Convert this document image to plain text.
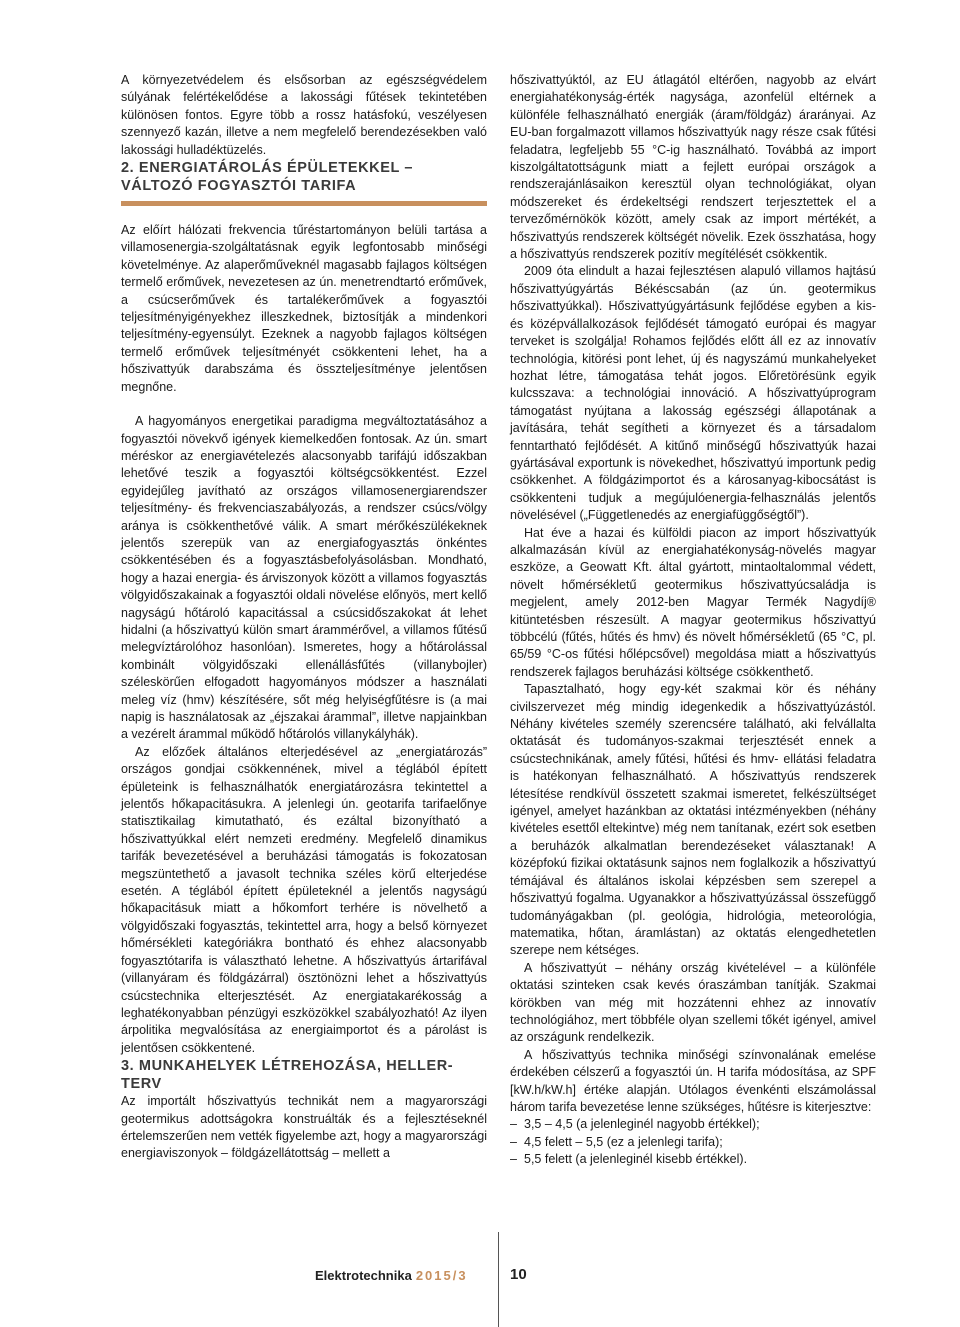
A környezetvédelem és elsősorban az egészségvédelem súlyának felértékelődése a lakossági fűtések tekintetében különösen fontos. Egyre több a rossz hatásfokú, veszélyesen szennyező kazán, illetve a nem megfelelő berendezésekben való lakossági hulladéktüzelés.

2. ENERGIATÁROLÁS ÉPÜLETEKKEL – VÁLTOZÓ FOGYASZTÓI TARIFA

Az előírt hálózati frekvencia tűréstartományon belüli tartása a villamosenergia-szolgáltatásnak egyik legfontosabb minőségi követelménye. Az alaperőműveknél magasabb fajlagos költségen termelő erőművek, nevezetesen az ún. menetrendtartó erőművek, a csúcserőművek és tartalékerőművek a fogyasztói teljesítményigényekhez illeszkednek, biztosítják a mindenkori teljesítmény-egyensúlyt. Ezeknek a nagyobb fajlagos költségen termelő erőművek teljesítményét csökkenteni lehet, ha a hőszivattyúk darabszáma és összteljesítménye jelentősen megnőne.

A hagyományos energetikai paradigma megváltoztatásához a fogyasztói növekvő igények kiemelkedően fontosak. Az ún. smart méréskor az energiavételezés alacsonyabb tarifájú időszakban lehetővé teszik a fogyasztói költségcsökkentést. Ezzel egyidejűleg javítható az országos villamosenergiarendszer teljesítmény- és frekvenciaszabályozás, a rendszer csúcs/völgy aránya is csökkenthetővé válik. A smart mérőkészülékeknek jelentős szerepük van az energiafogyasztás önkéntes csökkentésében és a fogyasztásbefolyásolásban. Mondható, hogy a hazai energia- és árviszonyok között a villamos fogyasztás völgyidőszakainak a fogyasztói oldali növelése előnyös, mert kellő nagyságú hőtároló kapacitással a csúcsidőszakokat át lehet hidalni (a hőszivattyú külön smart árammérővel, a villamos fűtésű melegvíztárolóhoz hasonlóan). Ismeretes, hogy a hőtárolással kombinált völgyidőszaki ellenállásfűtés (villanybojler) széleskörűen elfogadott hagyományos módszer a használati meleg víz (hmv) készítésére, sőt még helyiségfűtésre is (a mai napig is használatosak az „éjszakai árammal”, illetve napjainkban a vezérelt árammal működő hőtárolós villanykályhák).

Az előzőek általános elterjedésével az „energiatározás” országos gondjai csökkennének, mivel a téglából épített épületeink is felhasználhatók energiatározásra tekintettel a jelentős hőkapacitásukra. A jelenlegi ún. geotarifa tarifaelőnye statisztikailag kimutatható, és ezáltal bizonyítható a hőszivattyúkkal elért nemzeti eredmény. Megfelelő dinamikus tarifák bevezetésével a beruházási támogatás is fokozatosan megszüntethető a javasolt technika széles körű elterjedése esetén. A téglából épített épületeknél a jelentős nagyságú hőkapacitásuk miatt a hőkomfort terhére is növelhető a völgyidőszaki fogyasztás, tekintettel arra, hogy a belső környezet hőmérsékleti kategóriákra bontható és ehhez alacsonyabb fogyasztótarifa is választható lehetne. A hőszivattyús ártarifával (villanyáram és földgázárral) ösztönözni lehet a hőszivattyús csúcstechnika elterjesztését. Az energiatakarékosság a leghatékonyabban pénzügyi eszközökkel szabályozható! Az ilyen árpolitika megvalósítása az energiaimportot és a párolást is jelentősen csökkentené.

3. MUNKAHELYEK LÉTREHOZÁSA, HELLER-TERV

Az importált hőszivattyús technikát nem a magyarországi geotermikus adottságokra konstruálták és a fejlesztéseknél értelemszerűen nem vették figyelembe azt, hogy a magyarországi energiaviszonyok – földgázellátottság – mellett a

hőszivattyúktól, az EU átlagától eltérően, nagyobb az elvárt energiahatékonyság-érték nagysága, azonfelül eltérnek a különféle felhasználható energiák (áram/földgáz) árarányai. Az EU-ban forgalmazott villamos hőszivattyúk nagy része csak fűtési feladatra, legfeljebb 55 °C-ig használható. Továbbá az import kiszolgáltatottságunk miatt a fejlett európai országok a rendszerajánlásaikon keresztül olyan technológiákat, olyan módszereket és érdekeltségi rendszert terjesztettek el a tervezőmérnökök között, amely csak az import mértékét, a hőszivattyús rendszerek költségét növelik. Ezek összhatása, hogy a hőszivattyús rendszerek pozitív megítélését csökkentik.

2009 óta elindult a hazai fejlesztésen alapuló villamos hajtású hőszivattyúgyártás Békéscsabán (az ún. geotermikus hőszivattyúkkal). Hőszivattyúgyártásunk fejlődése egyben a kis- és középvállalkozások fejlődését támogató európai és magyar terveket is szolgálja! Rohamos fejlődés előtt áll ez az innovatív technológia, kitörési pont lehet, új és nagyszámú munkahelyeket hozhat létre, támogatása tehát jogos. Előretörésünk egyik kulcsszava: a technológiai innováció. A hőszivattyúprogram támogatást nyújtana a lakosság egészségi állapotának a javítására, tehát segítheti a környezet és a társadalom fenntartható fejlődését. A kitűnő minőségű hőszivattyúk hazai gyártásával exportunk is növekedhet, hőszivattyú importunk pedig csökkenhet. A földgázimportot és a károsanyag-kibocsátást is csökkenteni tudjuk a megújulóenergia-felhasználás jelentős növelésével („Függetlenedés az energiafüggőségtől”).

Hat éve a hazai és külföldi piacon az import hőszivattyúk alkalmazásán kívül az energiahatékonyság-növelés magyar eszköze, a Geowatt Kft. által gyártott, mintaoltalommal védett, növelt hőmérsékletű geotermikus hőszivattyúcsaládja is megjelent, amely 2012-ben Magyar Termék Nagydíj® kitüntetésben részesült. A magyar geotermikus hőszivattyú többcélú (fűtés, hűtés és hmv) és növelt hőmérsékletű (65 °C, pl. 65/59 °C-os fűtési hőlépcsővel) megoldása miatt a hőszivattyús rendszerek fajlagos beruházási költsége csökkenthető.

Tapasztalható, hogy egy-két szakmai kör és néhány civilszervezet még mindig idegenkedik a hőszivattyúzástól. Néhány kivételes személy szerencsére található, aki felvállalta oktatását és tudományos-szakmai terjesztését ennek a csúcstechnikának, amely fűtési, hűtési és hmv- ellátási feladatra is hatékonyan felhasználható. A hőszivattyús rendszerek létesítése rendkívül összetett szakmai ismeretet, felkészültséget igényel, amelyet hazánkban az oktatási intézményekben (néhány kivételes esettől eltekintve) még nem tanítanak, ezért sok esetben a beruházók alkalmatlan berendezéseket választanak! A középfokú fizikai oktatásunk sajnos nem foglalkozik a hőszivattyú témájával és általános iskolai képzésben sem szerepel a hőszivattyú fogalma. Ugyanakkor a hőszivattyúzással összefüggő tudományágakban (pl. geológia, hidrológia, meteorológia, matematika, hőtan, áramlástan) az oktatás elengedhetetlen szerepe nem kétséges.

A hőszivattyút – néhány ország kivételével – a különféle oktatási szinteken csak kevés óraszámban tanítják. Szakmai körökben van még mit hozzátenni ehhez az innovatív technológiához, mert többféle olyan szellemi tőkét igényel, amivel az országunk rendelkezik.

A hőszivattyús technika minőségi színvonalának emelése érdekében célszerű a fogyasztói ún. H tarifa módosítása, az SPF [kW.h/kW.h] értéke alapján. Utólagos évenkénti elszámolással három tarifa bevezetése lenne szükséges, hűtésre is kiterjesztve:

– 3,5 – 4,5 (a jelenleginél nagyobb értékkel);
– 4,5 felett – 5,5 (ez a jelenlegi tarifa);
– 5,5 felett (a jelenleginél kisebb értékkel).
Elektrotechnika 2015/3	10
